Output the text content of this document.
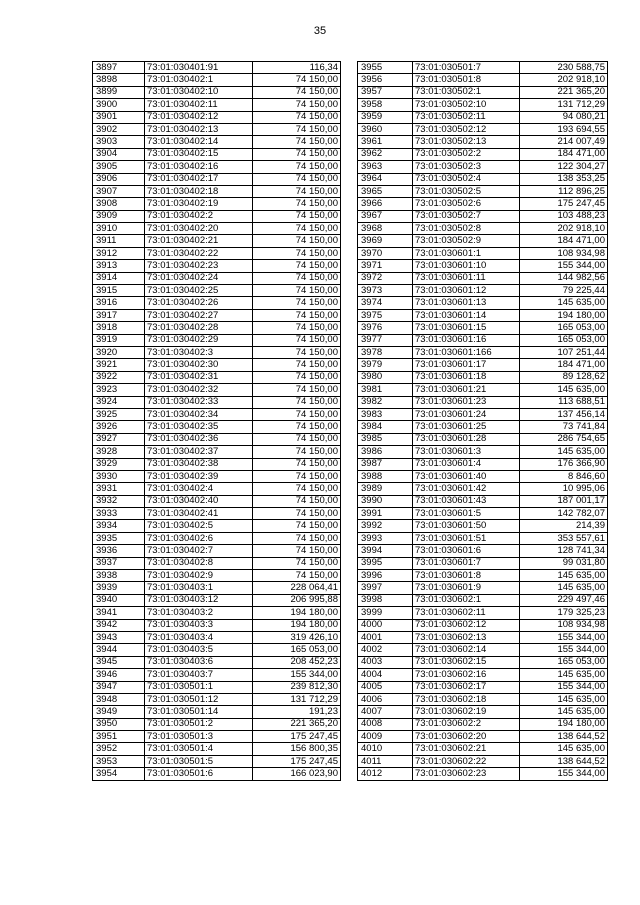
35
3897	73:01:030401:91	116,34
3898	73:01:030402:1	74 150,00
3899	73:01:030402:10	74 150,00
3900	73:01:030402:11	74 150,00
3901	73:01:030402:12	74 150,00
3902	73:01:030402:13	74 150,00
3903	73:01:030402:14	74 150,00
3904	73:01:030402:15	74 150,00
3905	73:01:030402:16	74 150,00
3906	73:01:030402:17	74 150,00
3907	73:01:030402:18	74 150,00
3908	73:01:030402:19	74 150,00
3909	73:01:030402:2	74 150,00
3910	73:01:030402:20	74 150,00
3911	73:01:030402:21	74 150,00
3912	73:01:030402:22	74 150,00
3913	73:01:030402:23	74 150,00
3914	73:01:030402:24	74 150,00
3915	73:01:030402:25	74 150,00
3916	73:01:030402:26	74 150,00
3917	73:01:030402:27	74 150,00
3918	73:01:030402:28	74 150,00
3919	73:01:030402:29	74 150,00
3920	73:01:030402:3	74 150,00
3921	73:01:030402:30	74 150,00
3922	73:01:030402:31	74 150,00
3923	73:01:030402:32	74 150,00
3924	73:01:030402:33	74 150,00
3925	73:01:030402:34	74 150,00
3926	73:01:030402:35	74 150,00
3927	73:01:030402:36	74 150,00
3928	73:01:030402:37	74 150,00
3929	73:01:030402:38	74 150,00
3930	73:01:030402:39	74 150,00
3931	73:01:030402:4	74 150,00
3932	73:01:030402:40	74 150,00
3933	73:01:030402:41	74 150,00
3934	73:01:030402:5	74 150,00
3935	73:01:030402:6	74 150,00
3936	73:01:030402:7	74 150,00
3937	73:01:030402:8	74 150,00
3938	73:01:030402:9	74 150,00
3939	73:01:030403:1	228 064,41
3940	73:01:030403:12	206 995,88
3941	73:01:030403:2	194 180,00
3942	73:01:030403:3	194 180,00
3943	73:01:030403:4	319 426,10
3944	73:01:030403:5	165 053,00
3945	73:01:030403:6	208 452,23
3946	73:01:030403:7	155 344,00
3947	73:01:030501:1	239 812,30
3948	73:01:030501:12	131 712,29
3949	73:01:030501:14	191,23
3950	73:01:030501:2	221 365,20
3951	73:01:030501:3	175 247,45
3952	73:01:030501:4	156 800,35
3953	73:01:030501:5	175 247,45
3954	73:01:030501:6	166 023,90
3955	73:01:030501:7	230 588,75
3956	73:01:030501:8	202 918,10
3957	73:01:030502:1	221 365,20
3958	73:01:030502:10	131 712,29
3959	73:01:030502:11	94 080,21
3960	73:01:030502:12	193 694,55
3961	73:01:030502:13	214 007,49
3962	73:01:030502:2	184 471,00
3963	73:01:030502:3	122 304,27
3964	73:01:030502:4	138 353,25
3965	73:01:030502:5	112 896,25
3966	73:01:030502:6	175 247,45
3967	73:01:030502:7	103 488,23
3968	73:01:030502:8	202 918,10
3969	73:01:030502:9	184 471,00
3970	73:01:030601:1	108 934,98
3971	73:01:030601:10	155 344,00
3972	73:01:030601:11	144 982,56
3973	73:01:030601:12	79 225,44
3974	73:01:030601:13	145 635,00
3975	73:01:030601:14	194 180,00
3976	73:01:030601:15	165 053,00
3977	73:01:030601:16	165 053,00
3978	73:01:030601:166	107 251,44
3979	73:01:030601:17	184 471,00
3980	73:01:030601:18	89 128,62
3981	73:01:030601:21	145 635,00
3982	73:01:030601:23	113 688,51
3983	73:01:030601:24	137 456,14
3984	73:01:030601:25	73 741,84
3985	73:01:030601:28	286 754,65
3986	73:01:030601:3	145 635,00
3987	73:01:030601:4	176 366,90
3988	73:01:030601:40	8 846,60
3989	73:01:030601:42	10 995,06
3990	73:01:030601:43	187 001,17
3991	73:01:030601:5	142 782,07
3992	73:01:030601:50	214,39
3993	73:01:030601:51	353 557,61
3994	73:01:030601:6	128 741,34
3995	73:01:030601:7	99 031,80
3996	73:01:030601:8	145 635,00
3997	73:01:030601:9	145 635,00
3998	73:01:030602:1	229 497,46
3999	73:01:030602:11	179 325,23
4000	73:01:030602:12	108 934,98
4001	73:01:030602:13	155 344,00
4002	73:01:030602:14	155 344,00
4003	73:01:030602:15	165 053,00
4004	73:01:030602:16	145 635,00
4005	73:01:030602:17	155 344,00
4006	73:01:030602:18	145 635,00
4007	73:01:030602:19	145 635,00
4008	73:01:030602:2	194 180,00
4009	73:01:030602:20	138 644,52
4010	73:01:030602:21	145 635,00
4011	73:01:030602:22	138 644,52
4012	73:01:030602:23	155 344,00
